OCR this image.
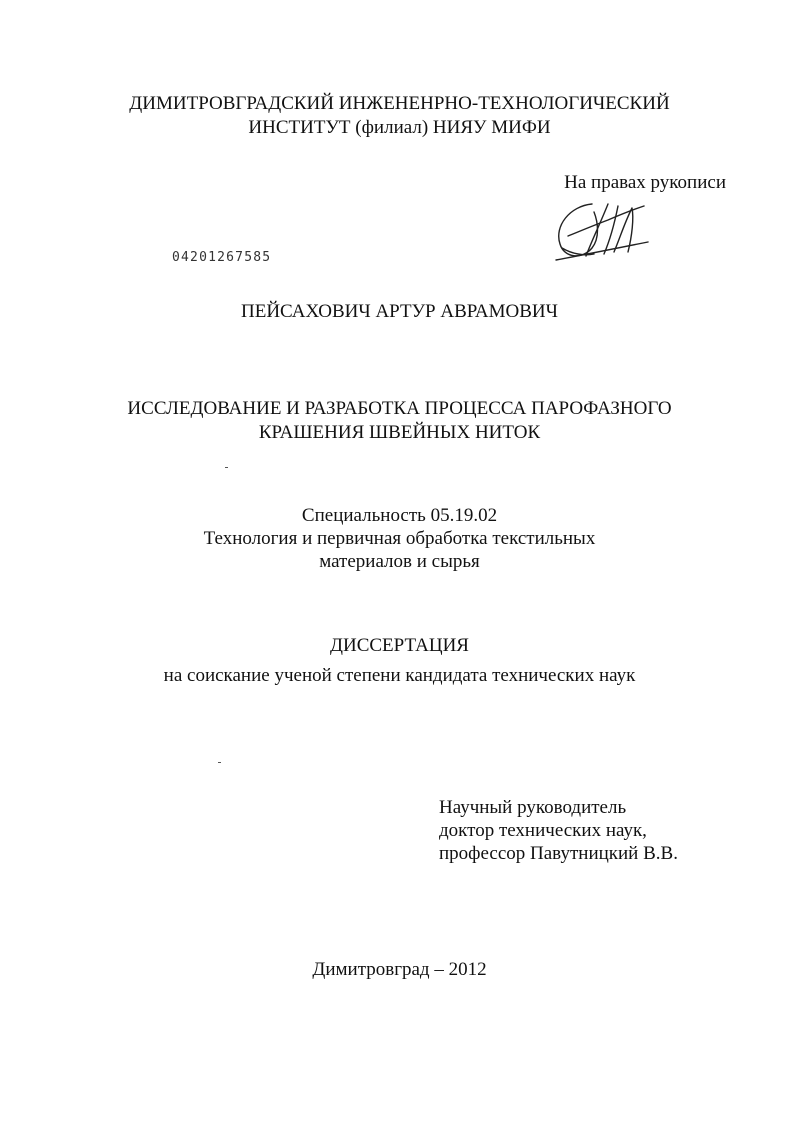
ДИМИТРОВГРАДСКИЙ ИНЖЕНЕНРНО-ТЕХНОЛОГИЧЕСКИЙ
ИНСТИТУТ (филиал) НИЯУ МИФИ
На правах рукописи
04201267585
ПЕЙСАХОВИЧ АРТУР АВРАМОВИЧ
ИССЛЕДОВАНИЕ И РАЗРАБОТКА ПРОЦЕССА ПАРОФАЗНОГО
КРАШЕНИЯ ШВЕЙНЫХ НИТОК
Специальность 05.19.02
Технология и первичная обработка текстильных
материалов и сырья
ДИССЕРТАЦИЯ
на соискание ученой степени кандидата технических наук
Научный руководитель
доктор технических наук,
профессор Павутницкий В.В.
Димитровград – 2012
